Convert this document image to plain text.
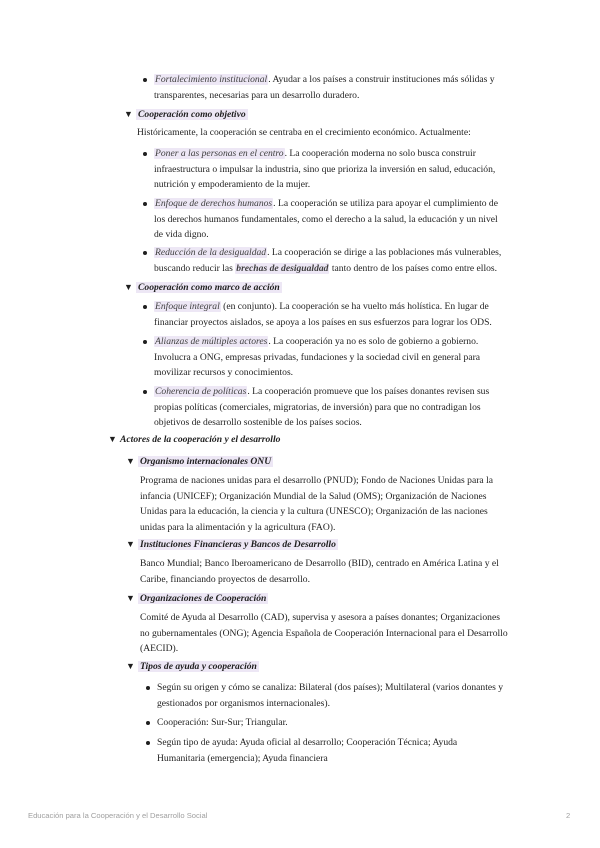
Fortalecimiento institucional. Ayudar a los países a construir instituciones más sólidas y transparentes, necesarias para un desarrollo duradero.
▼ Cooperación como objetivo
Históricamente, la cooperación se centraba en el crecimiento económico. Actualmente:
Poner a las personas en el centro. La cooperación moderna no solo busca construir infraestructura o impulsar la industria, sino que prioriza la inversión en salud, educación, nutrición y empoderamiento de la mujer.
Enfoque de derechos humanos. La cooperación se utiliza para apoyar el cumplimiento de los derechos humanos fundamentales, como el derecho a la salud, la educación y un nivel de vida digno.
Reducción de la desigualdad. La cooperación se dirige a las poblaciones más vulnerables, buscando reducir las brechas de desigualdad tanto dentro de los países como entre ellos.
▼ Cooperación como marco de acción
Enfoque integral (en conjunto). La cooperación se ha vuelto más holística. En lugar de financiar proyectos aislados, se apoya a los países en sus esfuerzos para lograr los ODS.
Alianzas de múltiples actores. La cooperación ya no es solo de gobierno a gobierno. Involucra a ONG, empresas privadas, fundaciones y la sociedad civil en general para movilizar recursos y conocimientos.
Coherencia de políticas. La cooperación promueve que los países donantes revisen sus propias políticas (comerciales, migratorias, de inversión) para que no contradigan los objetivos de desarrollo sostenible de los países socios.
▼ Actores de la cooperación y el desarrollo
▼ Organismo internacionales ONU
Programa de naciones unidas para el desarrollo (PNUD); Fondo de Naciones Unidas para la infancia (UNICEF); Organización Mundial de la Salud (OMS); Organización de Naciones Unidas para la educación, la ciencia y la cultura (UNESCO); Organización de las naciones unidas para la alimentación y la agricultura (FAO).
▼ Instituciones Financieras y Bancos de Desarrollo
Banco Mundial; Banco Iberoamericano de Desarrollo (BID), centrado en América Latina y el Caribe, financiando proyectos de desarrollo.
▼ Organizaciones de Cooperación
Comité de Ayuda al Desarrollo (CAD), supervisa y asesora a países donantes; Organizaciones no gubernamentales (ONG); Agencia Española de Cooperación Internacional para el Desarrollo (AECID).
▼ Tipos de ayuda y cooperación
Según su origen y cómo se canaliza: Bilateral (dos países); Multilateral (varios donantes y gestionados por organismos internacionales).
Cooperación: Sur-Sur; Triangular.
Según tipo de ayuda: Ayuda oficial al desarrollo; Cooperación Técnica; Ayuda Humanitaria (emergencia); Ayuda financiera
Educación para la Cooperación y el Desarrollo Social	2
